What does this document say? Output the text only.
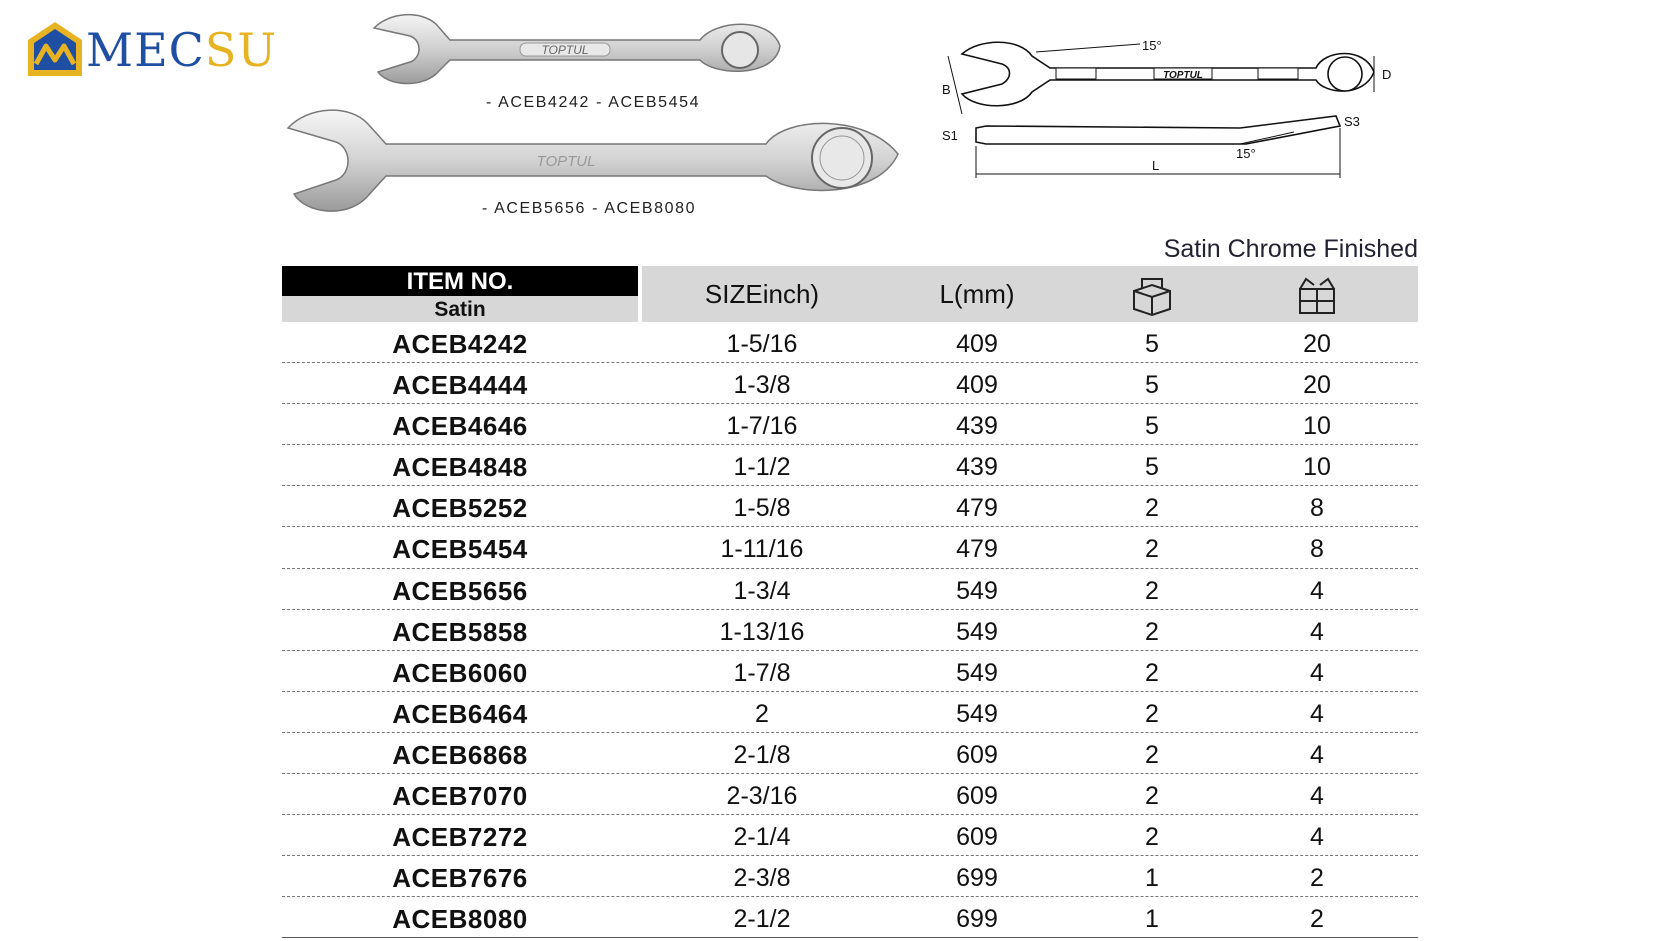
MECSU	TOPTUL
- ACEB4242 - ACEB5454
TOPTUL
- ACEB5656 - ACEB8080
TOPTUL
15°
B
D
S1
S3
15°
L
Satin Chrome Finished
ITEM NO.
Satin
SIZEinch)	L(mm)
ACEB4242	1-5/16	409	5	20
ACEB4444	1-3/8	409	5	20
ACEB4646	1-7/16	439	5	10
ACEB4848	1-1/2	439	5	10
ACEB5252	1-5/8	479	2	8
ACEB5454	1-11/16	479	2	8
ACEB5656	1-3/4	549	2	4
ACEB5858	1-13/16	549	2	4
ACEB6060	1-7/8	549	2	4
ACEB6464	2	549	2	4
ACEB6868	2-1/8	609	2	4
ACEB7070	2-3/16	609	2	4
ACEB7272	2-1/4	609	2	4
ACEB7676	2-3/8	699	1	2
ACEB8080	2-1/2	699	1	2
